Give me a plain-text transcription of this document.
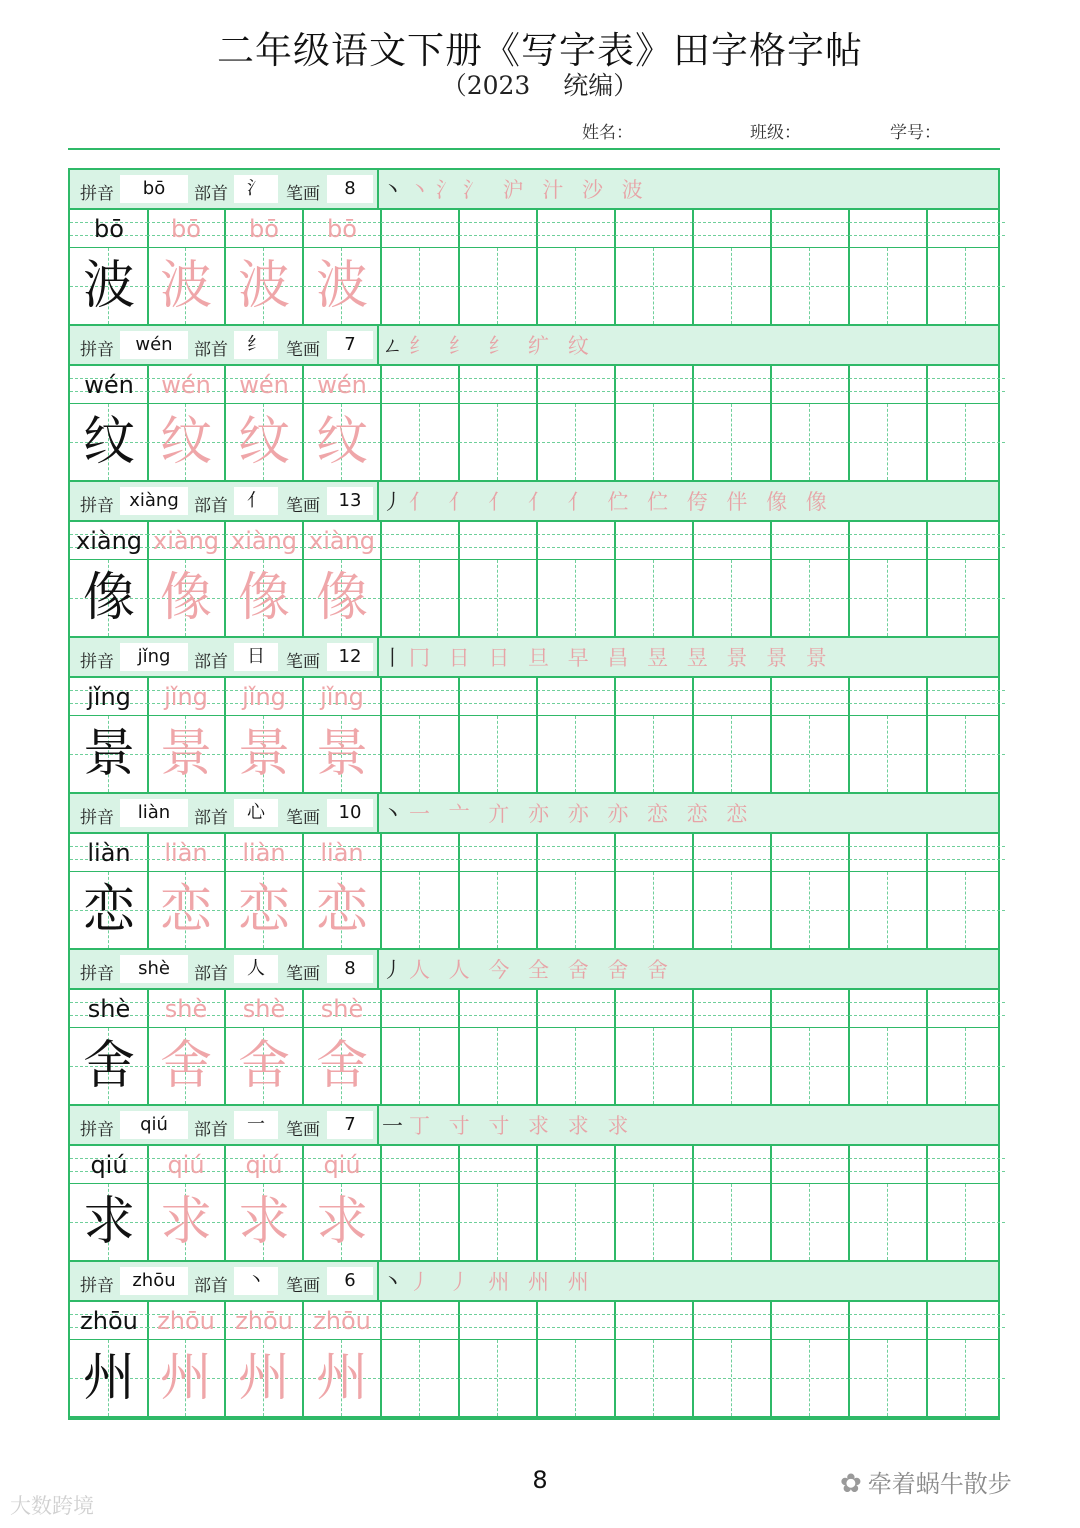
二年级语文下册《写字表》田字格字帖
（2023　 统编）
姓名：	班级：	学号：
拼音	bō	部首	氵	笔画	8	丶丶氵氵 沪 汁 沙 波
bō	bō	bō	bō
波 波 波 波
拼音	wén	部首	纟	笔画	7	ㄥ纟 纟 纟 纩 纹
wén	wén	wén	wén
纹 纹 纹 纹
拼音 xiàng 部首	亻	笔画	13 丿亻 亻 亻 亻 亻 伫 伫 侉 伴 像 像
xiàng xiàng xiàng xiàng
像 像 像 像
拼音	jǐng	部首	日	笔画	12 丨冂 日 日 旦 早 昌 昱 昱 景 景 景
jǐng	jǐng	jǐng	jǐng
景 景 景 景
拼音	liàn	部首	心	笔画	10 丶一 亠 亣 亦 亦 亦 恋 恋 恋
liàn	liàn	liàn	liàn
恋 恋 恋 恋
拼音	shè	部首	人	笔画	8	丿人 人 今 全 舍 舍 舍
shè	shè	shè	shè
舍 舍 舍 舍
拼音	qiú	部首	一	笔画	7	一丁 寸 寸 求 求 求
qiú	qiú	qiú	qiú
求 求 求 求
拼音	zhōu	部首	丶	笔画	6	丶丿 丿 州 州 州
zhōu zhōu zhōu zhōu
州 州 州 州
8
大数跨境
✿ 牵着蜗牛散步
